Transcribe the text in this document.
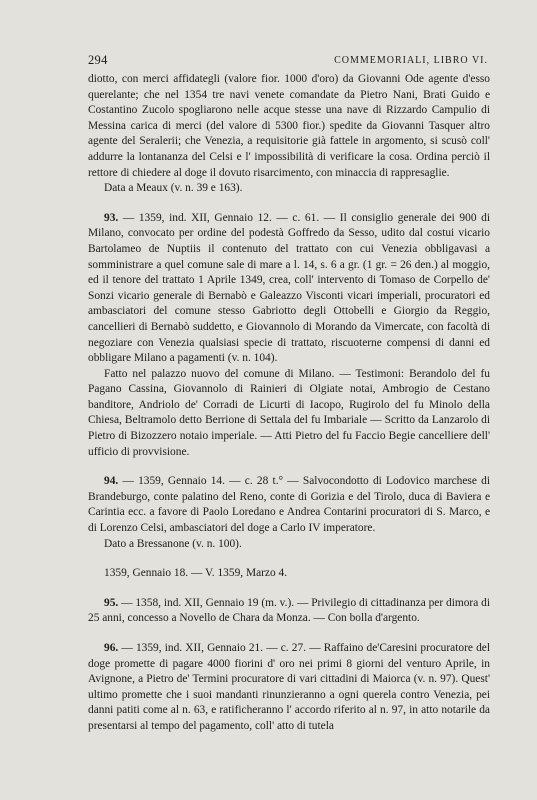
294	COMMEMORIALI, LIBRO VI.

diotto, con merci affidategli (valore fior. 1000 d'oro) da Giovanni Ode agente d'esso querelante; che nel 1354 tre navi venete comandate da Pietro Nani, Brati Guido e Costantino Zucolo spogliarono nelle acque stesse una nave di Rizzardo Campulio di Messina carica di merci (del valore di 5300 fior.) spedite da Giovanni Tasquer altro agente del Seralerii; che Venezia, a requisitorie già fattele in argomento, si scusò coll' addurre la lontananza del Celsi e l' impossibilità di verificare la cosa. Ordina perciò il rettore di chiedere al doge il dovuto risarcimento, con minaccia di rappresaglie.

Data a Meaux (v. n. 39 e 163).

93. — 1359, ind. XII, Gennaio 12. — c. 61. — Il consiglio generale dei 900 di Milano, convocato per ordine del podestà Goffredo da Sesso, udito dal costui vicario Bartolameo de Nuptiis il contenuto del trattato con cui Venezia obbligavasi a somministrare a quel comune sale di mare a l. 14, s. 6 a gr. (1 gr. = 26 den.) al moggio, ed il tenore del trattato 1 Aprile 1349, crea, coll' intervento di Tomaso de Corpello de' Sonzi vicario generale di Bernabò e Galeazzo Visconti vicari imperiali, procuratori ed ambasciatori del comune stesso Gabriotto degli Ottobelli e Giorgio da Reggio, cancellieri di Bernabò suddetto, e Giovannolo di Morando da Vimercate, con facoltà di negoziare con Venezia qualsiasi specie di trattato, riscuoterne compensi di danni ed obbligare Milano a pagamenti (v. n. 104).

Fatto nel palazzo nuovo del comune di Milano. — Testimoni: Berandolo del fu Pagano Cassina, Giovannolo di Rainieri di Olgiate notai, Ambrogio de Cestano banditore, Andriolo de' Corradi de Licurti di Iacopo, Rugirolo del fu Minolo della Chiesa, Beltramolo detto Berrione di Settala del fu Imbariale — Scritto da Lanzarolo di Pietro di Bizozzero notaio imperiale. — Atti Pietro del fu Faccio Begie cancelliere dell' ufficio di provvisione.

94. — 1359, Gennaio 14. — c. 28 t.° — Salvocondotto di Lodovico marchese di Brandeburgo, conte palatino del Reno, conte di Gorizia e del Tirolo, duca di Baviera e Carintia ecc. a favore di Paolo Loredano e Andrea Contarini procuratori di S. Marco, e di Lorenzo Celsi, ambasciatori del doge a Carlo IV imperatore.

Dato a Bressanone (v. n. 100).

1359, Gennaio 18. — V. 1359, Marzo 4.

95. — 1358, ind. XII, Gennaio 19 (m. v.). — Privilegio di cittadinanza per dimora di 25 anni, concesso a Novello de Chara da Monza. — Con bolla d'argento.

96. — 1359, ind. XII, Gennaio 21. — c. 27. — Raffaino de'Caresini procuratore del doge promette di pagare 4000 fiorini d' oro nei primi 8 giorni del venturo Aprile, in Avignone, a Pietro de' Termini procuratore di vari cittadini di Maiorca (v. n. 97). Quest' ultimo promette che i suoi mandanti rinunzieranno a ogni querela contro Venezia, pei danni patiti come al n. 63, e ratificheranno l' accordo riferito al n. 97, in atto notarile da presentarsi al tempo del pagamento, coll' atto di tutela
